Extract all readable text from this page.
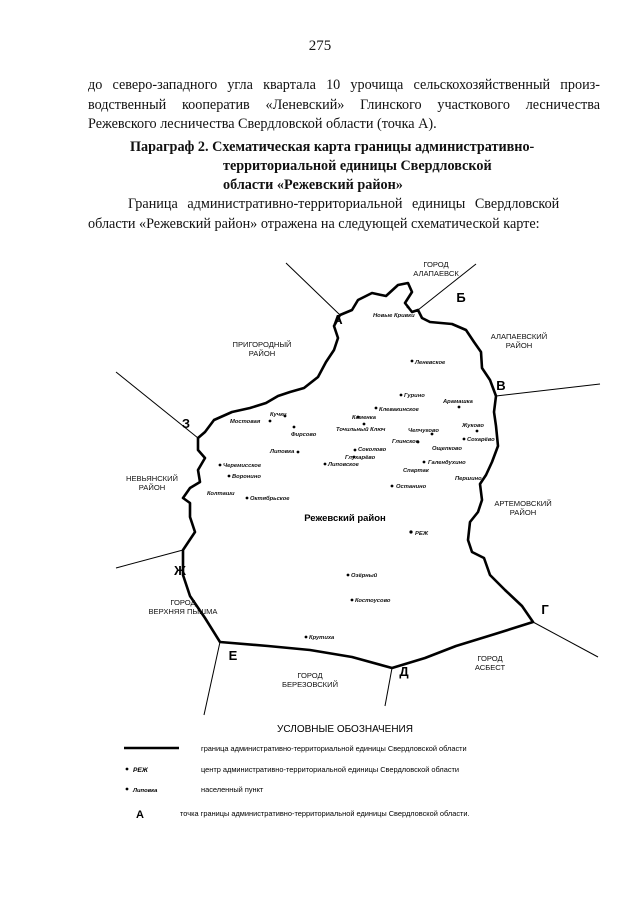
275
до северо-западного угла квартала 10 урочища сельскохозяйственный произ-
водственный кооператив «Леневский» Глинского участкового лесничества
Режевского лесничества Свердловской области (точка А).
Параграф 2. Схематическая карта границы административно-
территориальной единицы Свердловской
области «Режевский район»
Граница административно-территориальной единицы Свердловской
области «Режевский район» отражена на следующей схематической карте:
А
Б
В
З
Ж
Е
Д
Г
ГОРОД
АЛАПАЕВСК
АЛАПАЕВСКИЙ
РАЙОН
ПРИГОРОДНЫЙ
РАЙОН
НЕВЬЯНСКИЙ
РАЙОН
АРТЕМОВСКИЙ
РАЙОН
ГОРОД
ВЕРХНЯЯ ПЫШМА
ГОРОД
БЕРЕЗОВСКИЙ
ГОРОД
АСБЕСТ
Режевский район
Новые Кривки
Леневское
Гурино
Арамашка
Клевакинское
Каменка
Кучки
Мостовая
Фирсово
Точильный Ключ	Чепчугово
Жуково
Сохарёво
Глинское
Ощепково
Соколово
Глухарёво
Липовка
Липовское
Черемисское
Воронино
Галендухино
Спартак
Першино
Останино
Колташи
Октябрьское
РЕЖ
Озёрный
Костоусово
Крутиха
УСЛОВНЫЕ ОБОЗНАЧЕНИЯ
граница административно-территориальной единицы Свердловской области
РЕЖ	центр административно-территориальной единицы Свердловской области
Липовка	населенный пункт
А	точка границы административно-территориальной единицы Свердловской области.
